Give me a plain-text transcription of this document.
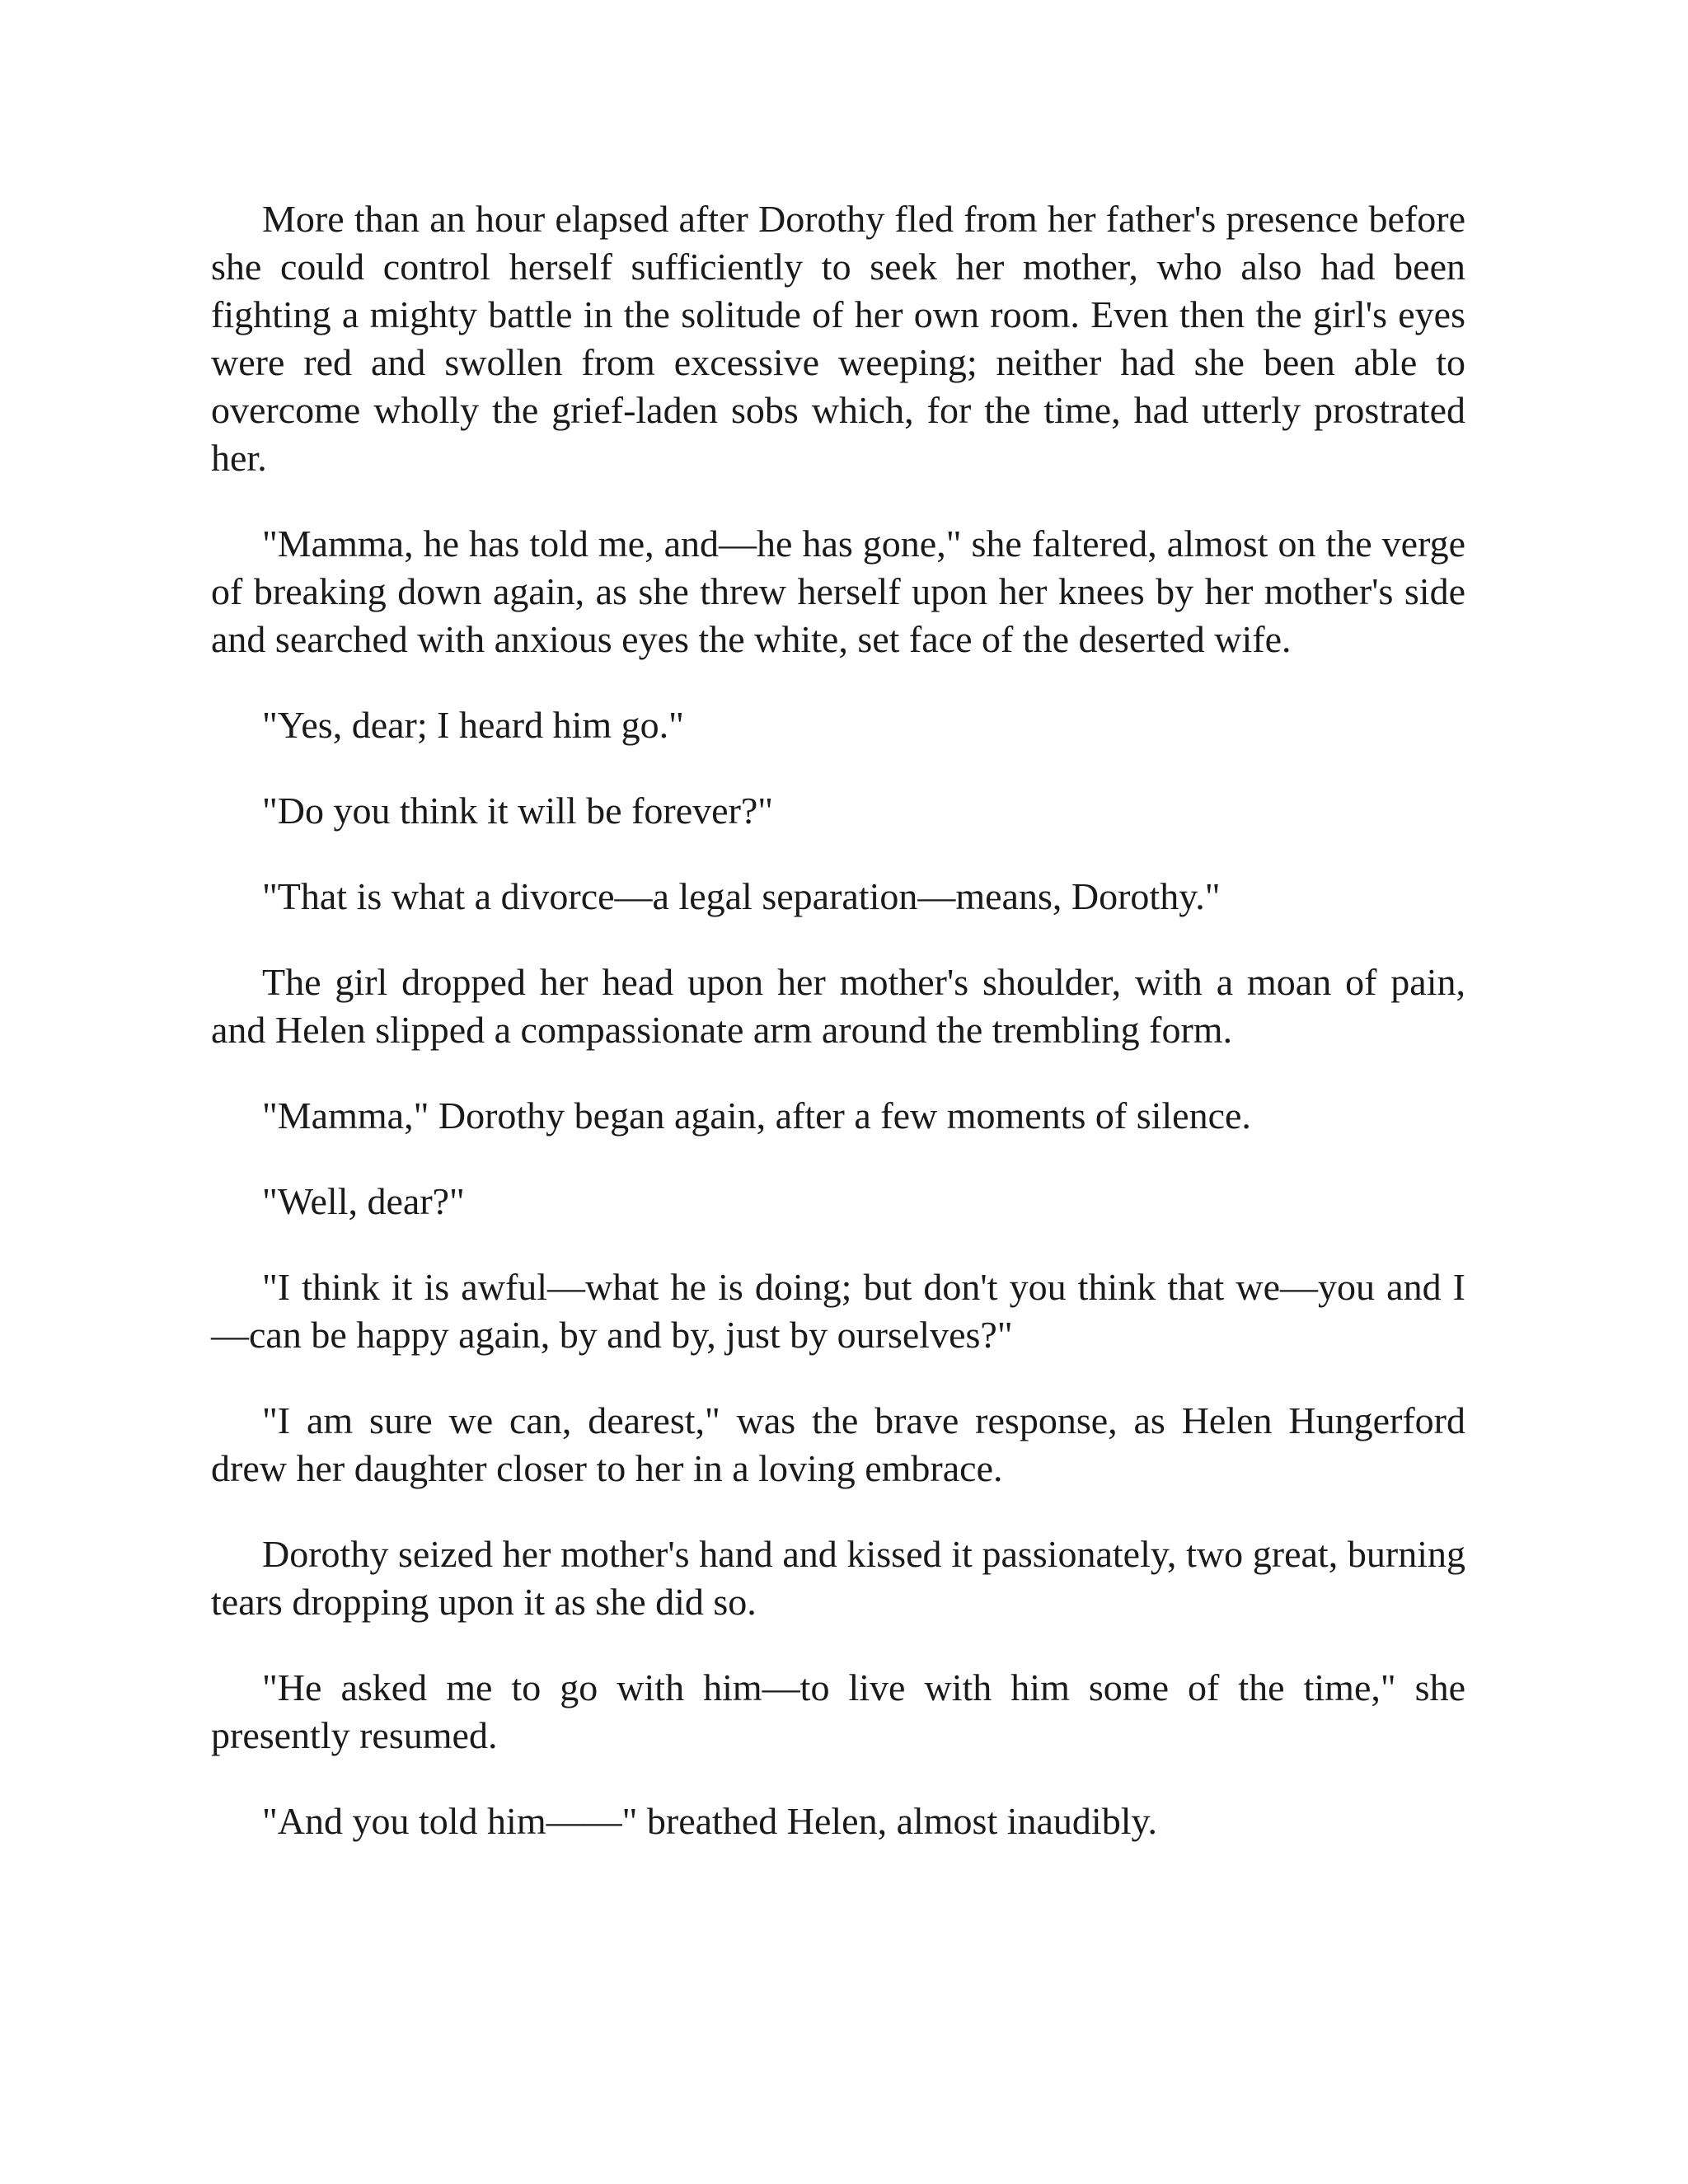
More than an hour elapsed after Dorothy fled from her father's presence before she could control herself sufficiently to seek her mother, who also had been fighting a mighty battle in the solitude of her own room. Even then the girl's eyes were red and swollen from excessive weeping; neither had she been able to overcome wholly the grief-laden sobs which, for the time, had utterly prostrated her.

"Mamma, he has told me, and—he has gone," she faltered, almost on the verge of breaking down again, as she threw herself upon her knees by her mother's side and searched with anxious eyes the white, set face of the deserted wife.

"Yes, dear; I heard him go."

"Do you think it will be forever?"

"That is what a divorce—a legal separation—means, Dorothy."

The girl dropped her head upon her mother's shoulder, with a moan of pain, and Helen slipped a compassionate arm around the trembling form.

"Mamma," Dorothy began again, after a few moments of silence.

"Well, dear?"

"I think it is awful—what he is doing; but don't you think that we—you and I—can be happy again, by and by, just by ourselves?"

"I am sure we can, dearest," was the brave response, as Helen Hungerford drew her daughter closer to her in a loving embrace.

Dorothy seized her mother's hand and kissed it passionately, two great, burning tears dropping upon it as she did so.

"He asked me to go with him—to live with him some of the time," she presently resumed.

"And you told him——" breathed Helen, almost inaudibly.
